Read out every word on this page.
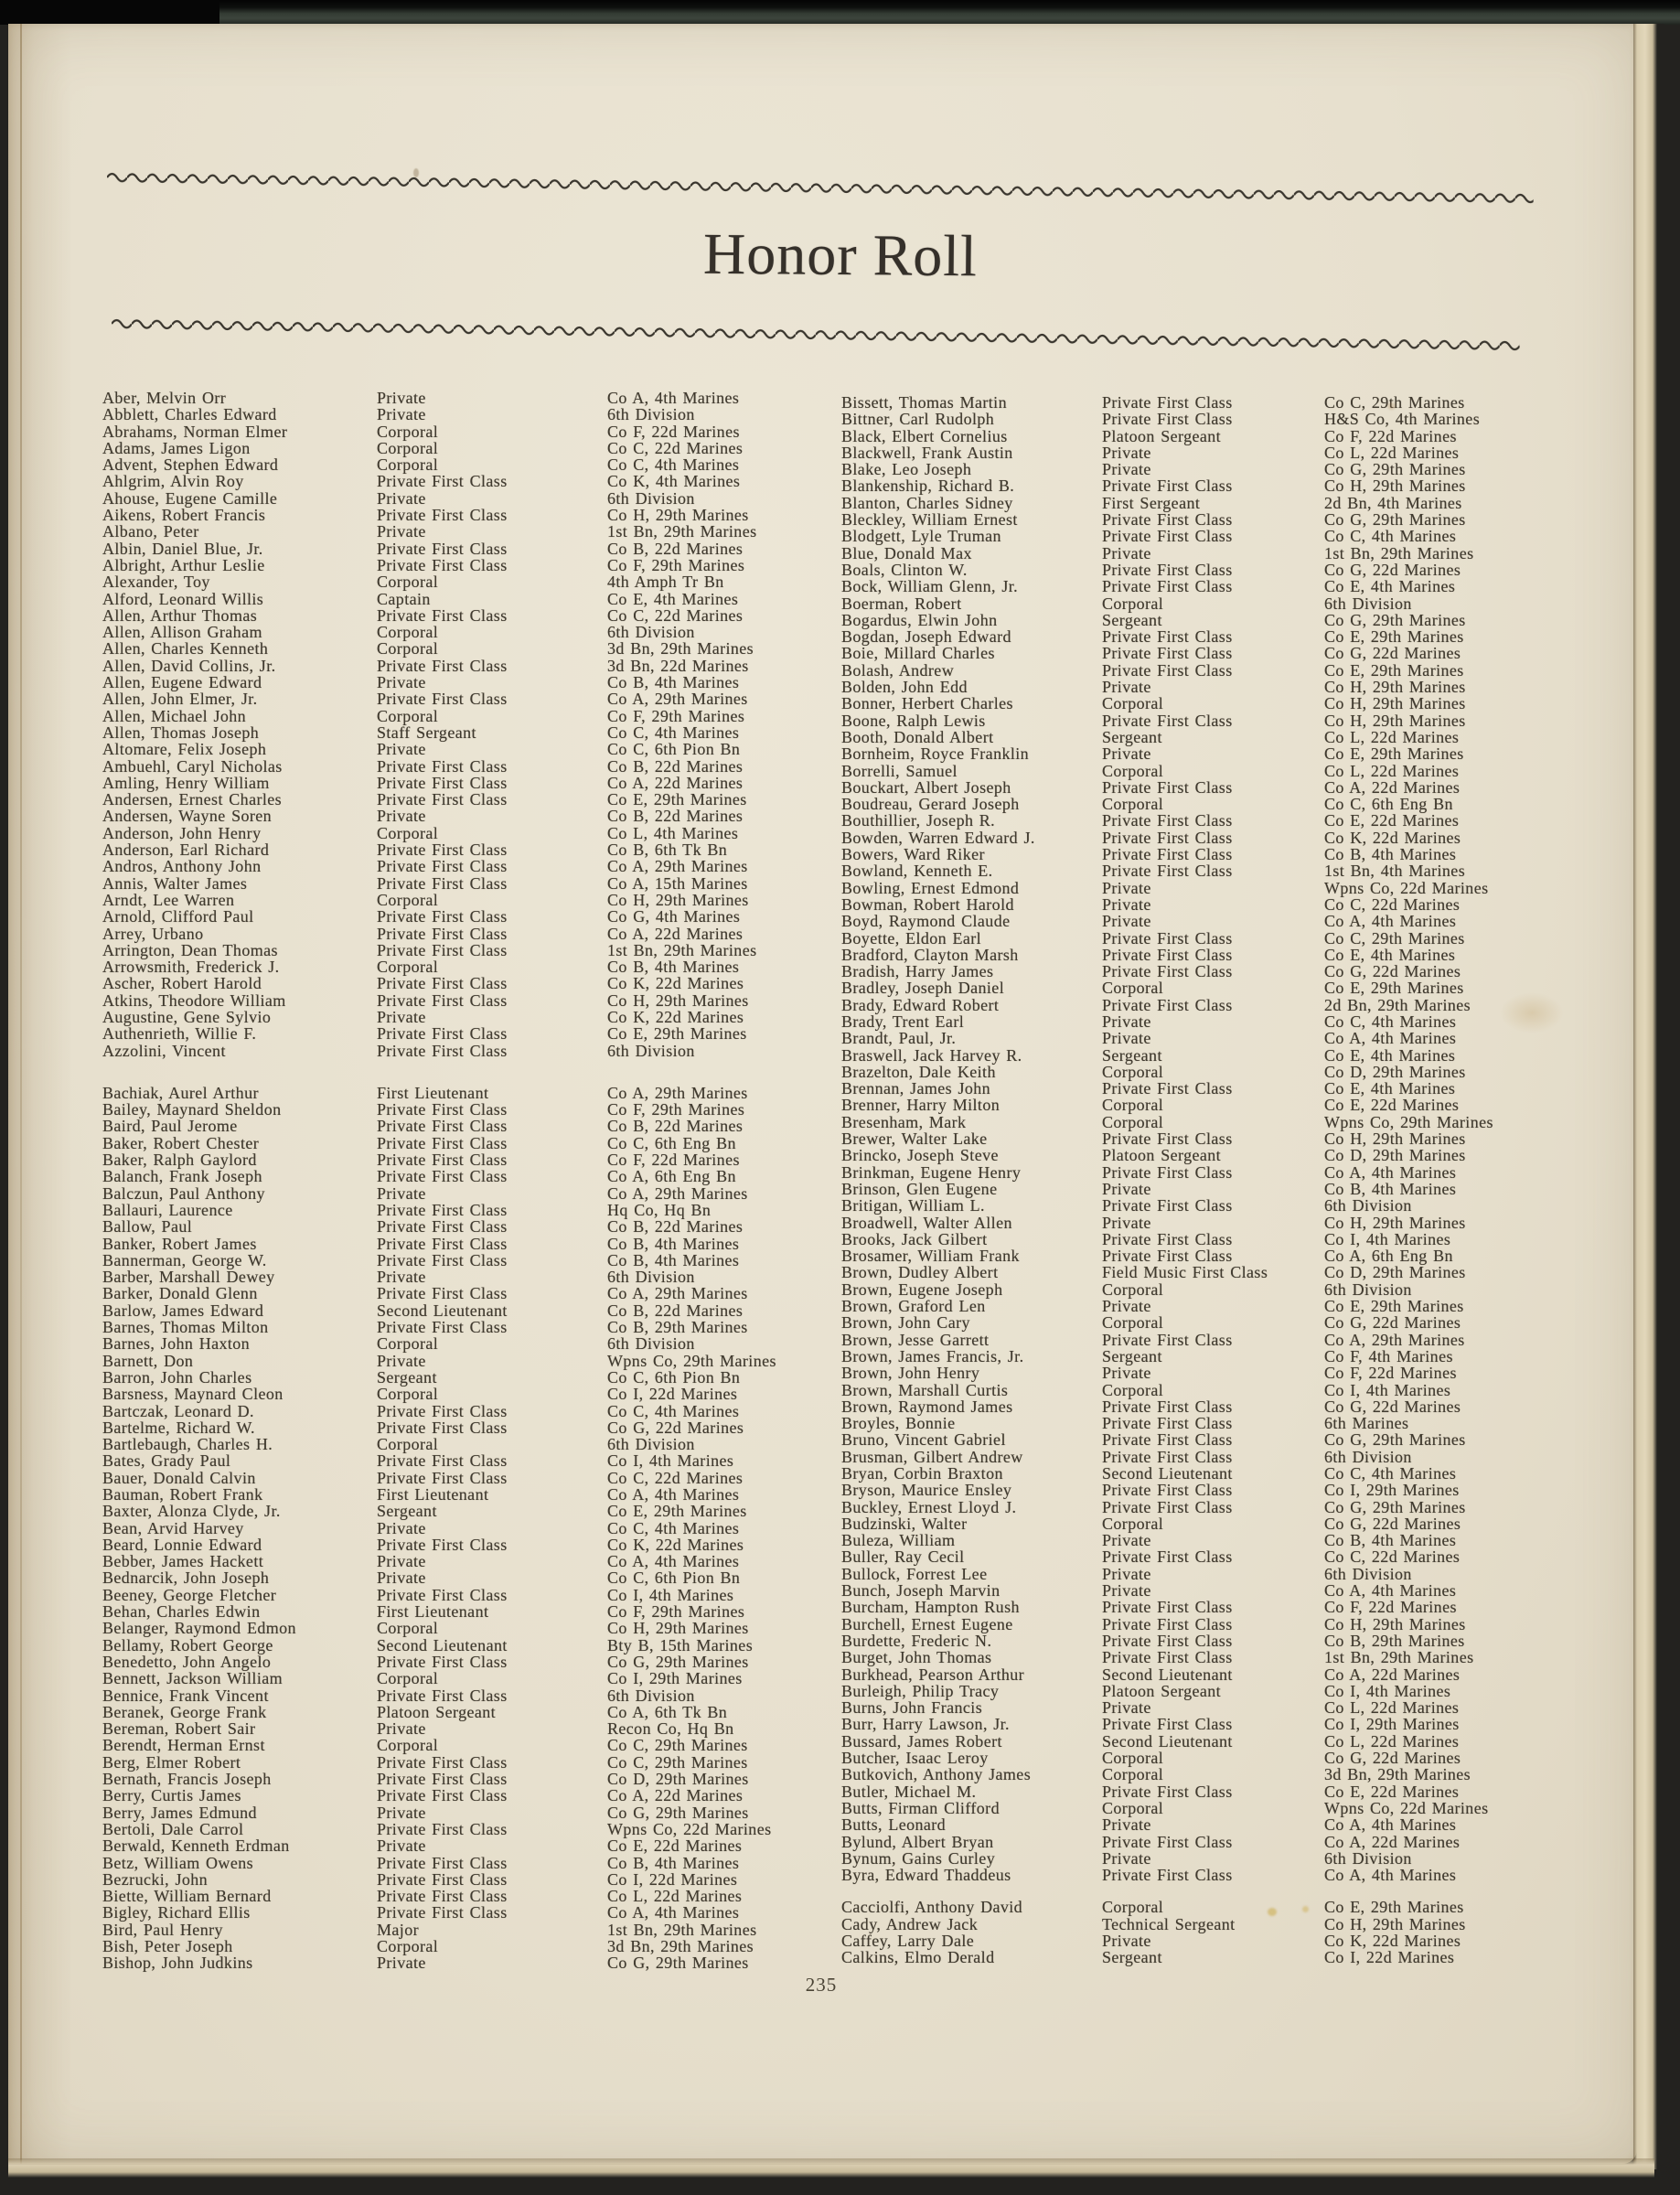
Honor Roll
Aber, Melvin Orr	Private	Co A, 4th Marines
Abblett, Charles Edward	Private	6th Division
Abrahams, Norman Elmer	Corporal	Co F, 22d Marines
Adams, James Ligon	Corporal	Co C, 22d Marines
Advent, Stephen Edward	Corporal	Co C, 4th Marines
Ahlgrim, Alvin Roy	Private First Class	Co K, 4th Marines
Ahouse, Eugene Camille	Private	6th Division
Aikens, Robert Francis	Private First Class	Co H, 29th Marines
Albano, Peter	Private	1st Bn, 29th Marines
Albin, Daniel Blue, Jr.	Private First Class	Co B, 22d Marines
Albright, Arthur Leslie	Private First Class	Co F, 29th Marines
Alexander, Toy	Corporal	4th Amph Tr Bn
Alford, Leonard Willis	Captain	Co E, 4th Marines
Allen, Arthur Thomas	Private First Class	Co C, 22d Marines
Allen, Allison Graham	Corporal	6th Division
Allen, Charles Kenneth	Corporal	3d Bn, 29th Marines
Allen, David Collins, Jr.	Private First Class	3d Bn, 22d Marines
Allen, Eugene Edward	Private	Co B, 4th Marines
Allen, John Elmer, Jr.	Private First Class	Co A, 29th Marines
Allen, Michael John	Corporal	Co F, 29th Marines
Allen, Thomas Joseph	Staff Sergeant	Co C, 4th Marines
Altomare, Felix Joseph	Private	Co C, 6th Pion Bn
Ambuehl, Caryl Nicholas	Private First Class	Co B, 22d Marines
Amling, Henry William	Private First Class	Co A, 22d Marines
Andersen, Ernest Charles	Private First Class	Co E, 29th Marines
Andersen, Wayne Soren	Private	Co B, 22d Marines
Anderson, John Henry	Corporal	Co L, 4th Marines
Anderson, Earl Richard	Private First Class	Co B, 6th Tk Bn
Andros, Anthony John	Private First Class	Co A, 29th Marines
Annis, Walter James	Private First Class	Co A, 15th Marines
Arndt, Lee Warren	Corporal	Co H, 29th Marines
Arnold, Clifford Paul	Private First Class	Co G, 4th Marines
Arrey, Urbano	Private First Class	Co A, 22d Marines
Arrington, Dean Thomas	Private First Class	1st Bn, 29th Marines
Arrowsmith, Frederick J.	Corporal	Co B, 4th Marines
Ascher, Robert Harold	Private First Class	Co K, 22d Marines
Atkins, Theodore William	Private First Class	Co H, 29th Marines
Augustine, Gene Sylvio	Private	Co K, 22d Marines
Authenrieth, Willie F.	Private First Class	Co E, 29th Marines
Azzolini, Vincent	Private First Class	6th Division
Bachiak, Aurel Arthur	First Lieutenant	Co A, 29th Marines
Bailey, Maynard Sheldon	Private First Class	Co F, 29th Marines
Baird, Paul Jerome	Private First Class	Co B, 22d Marines
Baker, Robert Chester	Private First Class	Co C, 6th Eng Bn
Baker, Ralph Gaylord	Private First Class	Co F, 22d Marines
Balanch, Frank Joseph	Private First Class	Co A, 6th Eng Bn
Balczun, Paul Anthony	Private	Co A, 29th Marines
Ballauri, Laurence	Private First Class	Hq Co, Hq Bn
Ballow, Paul	Private First Class	Co B, 22d Marines
Banker, Robert James	Private First Class	Co B, 4th Marines
Bannerman, George W.	Private First Class	Co B, 4th Marines
Barber, Marshall Dewey	Private	6th Division
Barker, Donald Glenn	Private First Class	Co A, 29th Marines
Barlow, James Edward	Second Lieutenant	Co B, 22d Marines
Barnes, Thomas Milton	Private First Class	Co B, 29th Marines
Barnes, John Haxton	Corporal	6th Division
Barnett, Don	Private	Wpns Co, 29th Marines
Barron, John Charles	Sergeant	Co C, 6th Pion Bn
Barsness, Maynard Cleon	Corporal	Co I, 22d Marines
Bartczak, Leonard D.	Private First Class	Co C, 4th Marines
Bartelme, Richard W.	Private First Class	Co G, 22d Marines
Bartlebaugh, Charles H.	Corporal	6th Division
Bates, Grady Paul	Private First Class	Co I, 4th Marines
Bauer, Donald Calvin	Private First Class	Co C, 22d Marines
Bauman, Robert Frank	First Lieutenant	Co A, 4th Marines
Baxter, Alonza Clyde, Jr.	Sergeant	Co E, 29th Marines
Bean, Arvid Harvey	Private	Co C, 4th Marines
Beard, Lonnie Edward	Private First Class	Co K, 22d Marines
Bebber, James Hackett	Private	Co A, 4th Marines
Bednarcik, John Joseph	Private	Co C, 6th Pion Bn
Beeney, George Fletcher	Private First Class	Co I, 4th Marines
Behan, Charles Edwin	First Lieutenant	Co F, 29th Marines
Belanger, Raymond Edmon	Corporal	Co H, 29th Marines
Bellamy, Robert George	Second Lieutenant	Bty B, 15th Marines
Benedetto, John Angelo	Private First Class	Co G, 29th Marines
Bennett, Jackson William	Corporal	Co I, 29th Marines
Bennice, Frank Vincent	Private First Class	6th Division
Beranek, George Frank	Platoon Sergeant	Co A, 6th Tk Bn
Bereman, Robert Sair	Private	Recon Co, Hq Bn
Berendt, Herman Ernst	Corporal	Co C, 29th Marines
Berg, Elmer Robert	Private First Class	Co C, 29th Marines
Bernath, Francis Joseph	Private First Class	Co D, 29th Marines
Berry, Curtis James	Private First Class	Co A, 22d Marines
Berry, James Edmund	Private	Co G, 29th Marines
Bertoli, Dale Carrol	Private First Class	Wpns Co, 22d Marines
Berwald, Kenneth Erdman	Private	Co E, 22d Marines
Betz, William Owens	Private First Class	Co B, 4th Marines
Bezrucki, John	Private First Class	Co I, 22d Marines
Biette, William Bernard	Private First Class	Co L, 22d Marines
Bigley, Richard Ellis	Private First Class	Co A, 4th Marines
Bird, Paul Henry	Major	1st Bn, 29th Marines
Bish, Peter Joseph	Corporal	3d Bn, 29th Marines
Bishop, John Judkins	Private	Co G, 29th Marines
Bissett, Thomas Martin	Private First Class	Co C, 29th Marines
Bittner, Carl Rudolph	Private First Class	H&S Co, 4th Marines
Black, Elbert Cornelius	Platoon Sergeant	Co F, 22d Marines
Blackwell, Frank Austin	Private	Co L, 22d Marines
Blake, Leo Joseph	Private	Co G, 29th Marines
Blankenship, Richard B.	Private First Class	Co H, 29th Marines
Blanton, Charles Sidney	First Sergeant	2d Bn, 4th Marines
Bleckley, William Ernest	Private First Class	Co G, 29th Marines
Blodgett, Lyle Truman	Private First Class	Co C, 4th Marines
Blue, Donald Max	Private	1st Bn, 29th Marines
Boals, Clinton W.	Private First Class	Co G, 22d Marines
Bock, William Glenn, Jr.	Private First Class	Co E, 4th Marines
Boerman, Robert	Corporal	6th Division
Bogardus, Elwin John	Sergeant	Co G, 29th Marines
Bogdan, Joseph Edward	Private First Class	Co E, 29th Marines
Boie, Millard Charles	Private First Class	Co G, 22d Marines
Bolash, Andrew	Private First Class	Co E, 29th Marines
Bolden, John Edd	Private	Co H, 29th Marines
Bonner, Herbert Charles	Corporal	Co H, 29th Marines
Boone, Ralph Lewis	Private First Class	Co H, 29th Marines
Booth, Donald Albert	Sergeant	Co L, 22d Marines
Bornheim, Royce Franklin	Private	Co E, 29th Marines
Borrelli, Samuel	Corporal	Co L, 22d Marines
Bouckart, Albert Joseph	Private First Class	Co A, 22d Marines
Boudreau, Gerard Joseph	Corporal	Co C, 6th Eng Bn
Bouthillier, Joseph R.	Private First Class	Co E, 22d Marines
Bowden, Warren Edward J.	Private First Class	Co K, 22d Marines
Bowers, Ward Riker	Private First Class	Co B, 4th Marines
Bowland, Kenneth E.	Private First Class	1st Bn, 4th Marines
Bowling, Ernest Edmond	Private	Wpns Co, 22d Marines
Bowman, Robert Harold	Private	Co C, 22d Marines
Boyd, Raymond Claude	Private	Co A, 4th Marines
Boyette, Eldon Earl	Private First Class	Co C, 29th Marines
Bradford, Clayton Marsh	Private First Class	Co E, 4th Marines
Bradish, Harry James	Private First Class	Co G, 22d Marines
Bradley, Joseph Daniel	Corporal	Co E, 29th Marines
Brady, Edward Robert	Private First Class	2d Bn, 29th Marines
Brady, Trent Earl	Private	Co C, 4th Marines
Brandt, Paul, Jr.	Private	Co A, 4th Marines
Braswell, Jack Harvey R.	Sergeant	Co E, 4th Marines
Brazelton, Dale Keith	Corporal	Co D, 29th Marines
Brennan, James John	Private First Class	Co E, 4th Marines
Brenner, Harry Milton	Corporal	Co E, 22d Marines
Bresenham, Mark	Corporal	Wpns Co, 29th Marines
Brewer, Walter Lake	Private First Class	Co H, 29th Marines
Brincko, Joseph Steve	Platoon Sergeant	Co D, 29th Marines
Brinkman, Eugene Henry	Private First Class	Co A, 4th Marines
Brinson, Glen Eugene	Private	Co B, 4th Marines
Britigan, William L.	Private First Class	6th Division
Broadwell, Walter Allen	Private	Co H, 29th Marines
Brooks, Jack Gilbert	Private First Class	Co I, 4th Marines
Brosamer, William Frank	Private First Class	Co A, 6th Eng Bn
Brown, Dudley Albert	Field Music First Class	Co D, 29th Marines
Brown, Eugene Joseph	Corporal	6th Division
Brown, Graford Len	Private	Co E, 29th Marines
Brown, John Cary	Corporal	Co G, 22d Marines
Brown, Jesse Garrett	Private First Class	Co A, 29th Marines
Brown, James Francis, Jr.	Sergeant	Co F, 4th Marines
Brown, John Henry	Private	Co F, 22d Marines
Brown, Marshall Curtis	Corporal	Co I, 4th Marines
Brown, Raymond James	Private First Class	Co G, 22d Marines
Broyles, Bonnie	Private First Class	6th Marines
Bruno, Vincent Gabriel	Private First Class	Co G, 29th Marines
Brusman, Gilbert Andrew	Private First Class	6th Division
Bryan, Corbin Braxton	Second Lieutenant	Co C, 4th Marines
Bryson, Maurice Ensley	Private First Class	Co I, 29th Marines
Buckley, Ernest Lloyd J.	Private First Class	Co G, 29th Marines
Budzinski, Walter	Corporal	Co G, 22d Marines
Buleza, William	Private	Co B, 4th Marines
Buller, Ray Cecil	Private First Class	Co C, 22d Marines
Bullock, Forrest Lee	Private	6th Division
Bunch, Joseph Marvin	Private	Co A, 4th Marines
Burcham, Hampton Rush	Private First Class	Co F, 22d Marines
Burchell, Ernest Eugene	Private First Class	Co H, 29th Marines
Burdette, Frederic N.	Private First Class	Co B, 29th Marines
Burget, John Thomas	Private First Class	1st Bn, 29th Marines
Burkhead, Pearson Arthur	Second Lieutenant	Co A, 22d Marines
Burleigh, Philip Tracy	Platoon Sergeant	Co I, 4th Marines
Burns, John Francis	Private	Co L, 22d Marines
Burr, Harry Lawson, Jr.	Private First Class	Co I, 29th Marines
Bussard, James Robert	Second Lieutenant	Co L, 22d Marines
Butcher, Isaac Leroy	Corporal	Co G, 22d Marines
Butkovich, Anthony James	Corporal	3d Bn, 29th Marines
Butler, Michael M.	Private First Class	Co E, 22d Marines
Butts, Firman Clifford	Corporal	Wpns Co, 22d Marines
Butts, Leonard	Private	Co A, 4th Marines
Bylund, Albert Bryan	Private First Class	Co A, 22d Marines
Bynum, Gains Curley	Private	6th Division
Byra, Edward Thaddeus	Private First Class	Co A, 4th Marines
Cacciolfi, Anthony David	Corporal	Co E, 29th Marines
Cady, Andrew Jack	Technical Sergeant	Co H, 29th Marines
Caffey, Larry Dale	Private	Co K, 22d Marines
Calkins, Elmo Derald	Sergeant	Co I, 22d Marines
235
